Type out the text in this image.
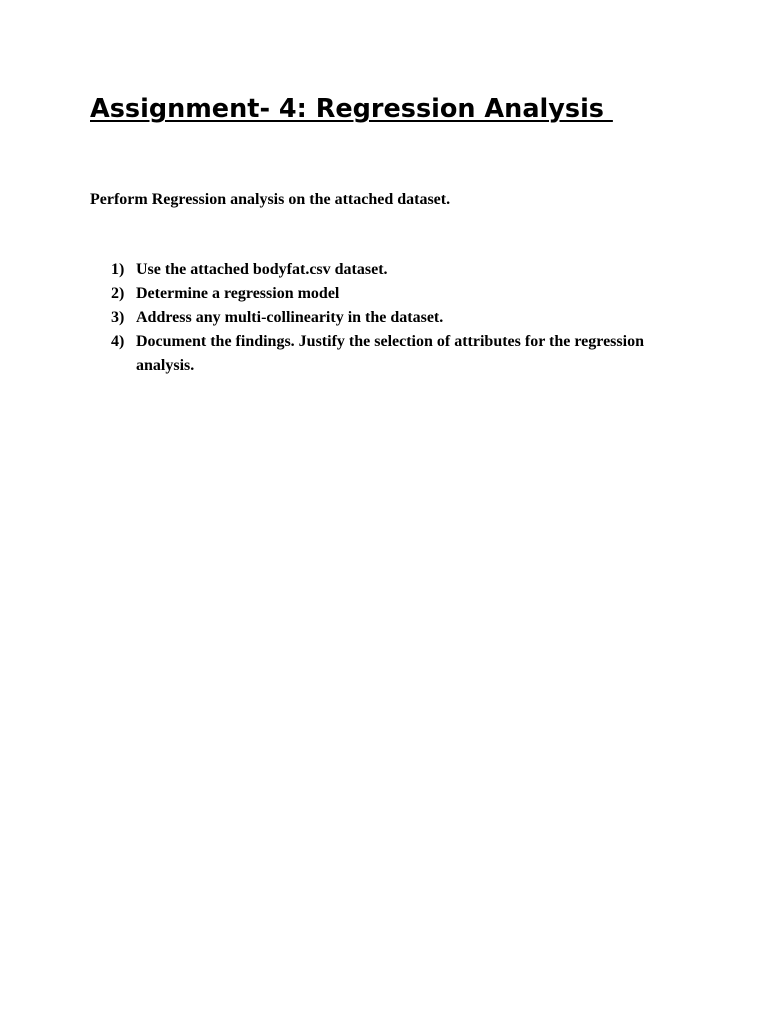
Assignment- 4: Regression Analysis

Perform Regression analysis on the attached dataset.

1) Use the attached bodyfat.csv dataset.
2) Determine a regression model
3) Address any multi-collinearity in the dataset.
4) Document the findings. Justify the selection of attributes for the regression analysis.
